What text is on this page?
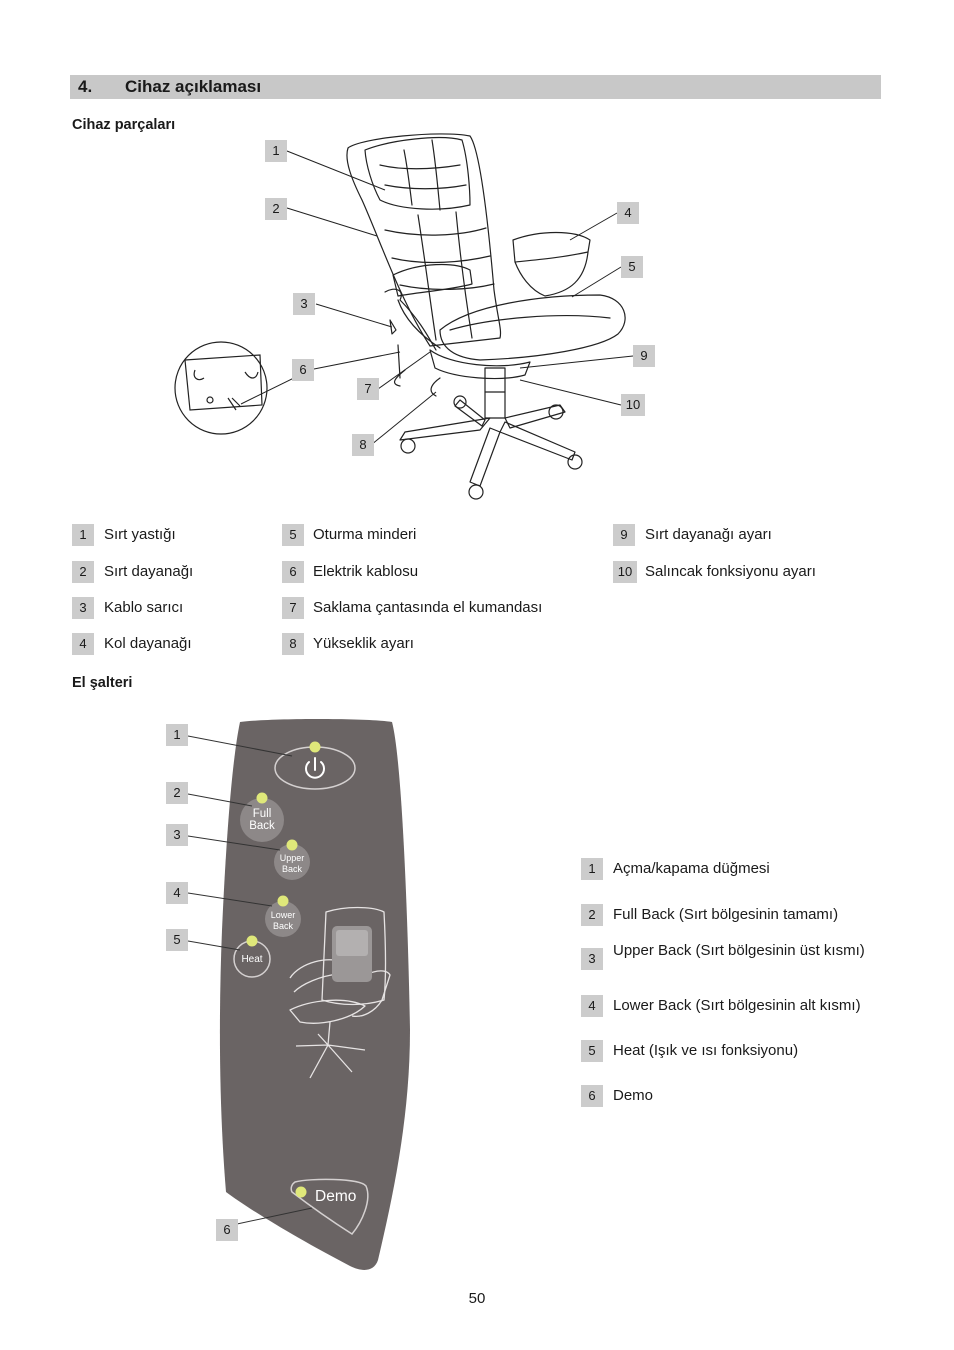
4. Cihaz açıklaması
Cihaz parçaları
1
2
3
4
5
6
7
8
9
10
1	Sırt yastığı
2	Sırt dayanağı
3	Kablo sarıcı
4	Kol dayanağı
5	Oturma minderi
6	Elektrik kablosu
7	Saklama çantasında el kumandası
8	Yükseklik ayarı
9	Sırt dayanağı ayarı
10 Salıncak fonksiyonu ayarı
El şalteri
Full
Back
Upper
Back
Lower
Back
Heat
Demo
1
2
3
4
5
6
1	Açma/kapama düğmesi
2	Full Back (Sırt bölgesinin tamamı)
3	Upper Back (Sırt bölgesinin üst kısmı)
4	Lower Back (Sırt bölgesinin alt kısmı)
5	Heat (Işık ve ısı fonksiyonu)
6	Demo
50
